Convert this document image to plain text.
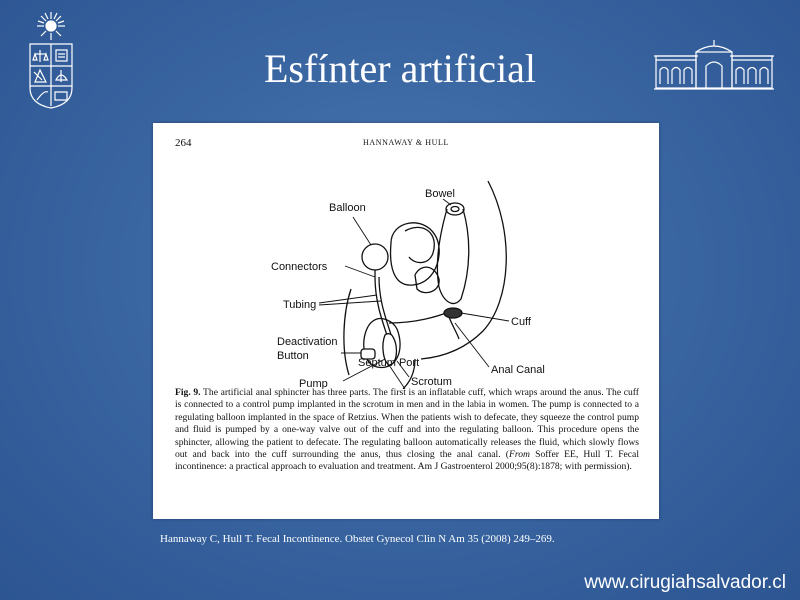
Esfínter artificial
264	HANNAWAY & HULL
Balloon
Bowel
Connectors
Tubing
Cuff
Deactivation
Button
Anal Canal
Scrotum
Pump
Septum Port

Fig. 9. The artificial anal sphincter has three parts. The first is an inflatable cuff, which wraps around the anus. The cuff is connected to a control pump implanted in the scrotum in men and in the labia in women. The pump is connected to a regulating balloon implanted in the space of Retzius. When the patients wish to defecate, they squeeze the control pump and fluid is pumped by a one-way valve out of the cuff and into the regulating balloon. This procedure opens the sphincter, allowing the patient to defecate. The regulating balloon automatically releases the fluid, which slowly flows out and back into the cuff surrounding the anus, thus closing the anal canal. (From Soffer EE, Hull T. Fecal incontinence: a practical approach to evaluation and treatment. Am J Gastroenterol 2000;95(8):1878; with permission).

Hannaway C, Hull T. Fecal Incontinence. Obstet Gynecol Clin N Am 35 (2008) 249–269.
www.cirugiahsalvador.cl
